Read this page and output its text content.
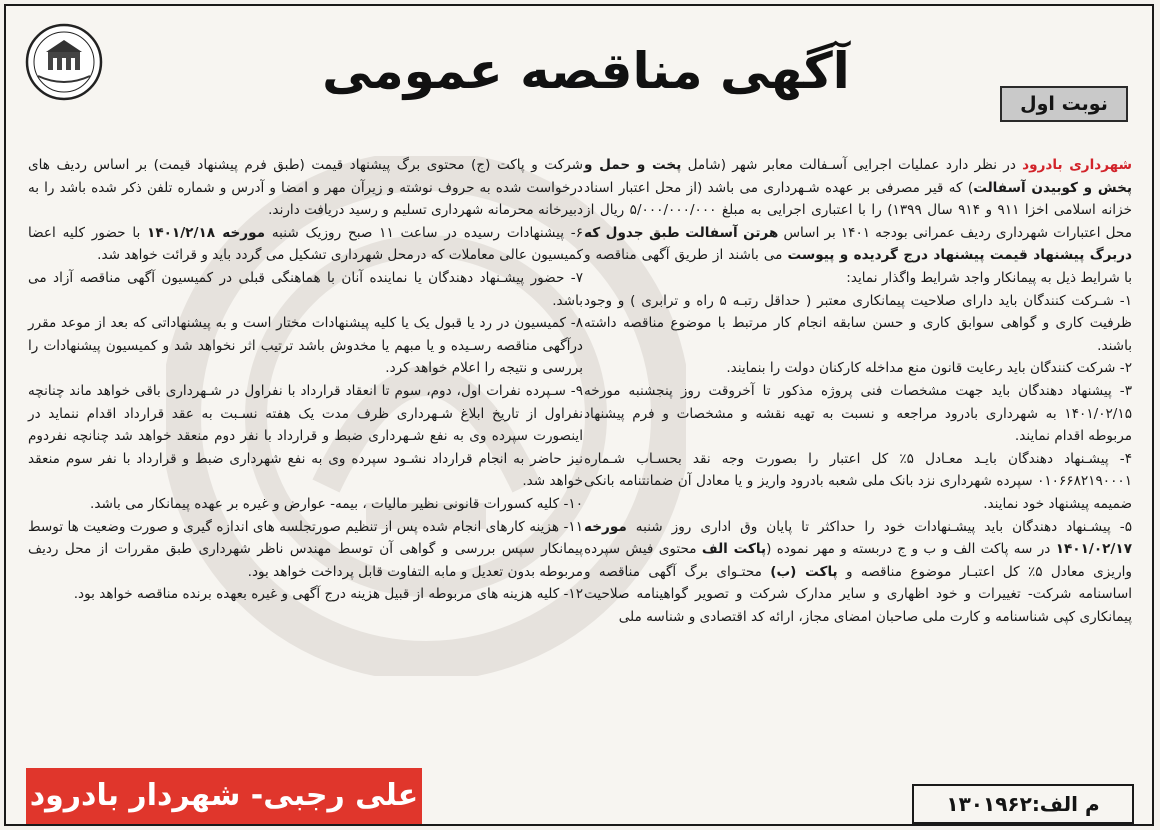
آگهی مناقصه عمومی
نوبت اول

شهرداری بادرود در نظر دارد عملیات اجرایی آسـفالت معابر شهر (شامل پخت و حمل و پخش و کوبیدن آسفالت) که قیر مصرفی بر عهده شـهرداری می باشد (از محل اعتبار اسناد خزانه اسلامی اخزا ۹۱۱ و ۹۱۴ سال ۱۳۹۹) را با اعتباری اجرایی به مبلغ ۵/۰۰۰/۰۰۰/۰۰۰ ریال از محل اعتبارات شهرداری ردیف عمرانی بودجه ۱۴۰۱ بر اساس هرتن آسفالت طبق جدول که دربرگ پیشنهاد قیمت پیشنهاد درج گردیده و پیوست می باشند از طریق آگهی مناقصه و با شرایط ذیل به پیمانکار واجد شرایط واگذار نماید:

۱- شـرکت کنندگان باید دارای صلاحیت پیمانکاری معتبر ( حداقل رتبـه ۵ راه و ترابری ) و وجود ظرفیت کاری و گواهی سوابق کاری و حسن سابقه انجام کار مرتبط با موضوع مناقصه داشته باشند.

۲- شرکت کنندگان باید رعایت قانون منع مداخله کارکنان دولت را بنمایند.

۳- پیشنهاد دهندگان باید جهت مشخصات فنی پروژه مذکور تا آخروقت روز پنجشنبه مورخه ۱۴۰۱/۰۲/۱۵ به شهرداری بادرود مراجعه و نسبت به تهیه نقشه و مشخصات و فرم پیشنهاد مربوطه اقدام نمایند.

۴- پیشـنهاد دهندگان بایـد معـادل ۵٪ کل اعتبار را بصورت وجه نقد بحسـاب شـماره ۰۱۰۶۶۸۲۱۹۰۰۰۱ سپرده شهرداری نزد بانک ملی شعبه بادرود واریز و یا معادل آن ضمانتنامه بانکی ضمیمه پیشنهاد خود نمایند.

۵- پیشـنهاد دهندگان باید پیشـنهادات خود را حداکثر تا پایان وق اداری روز شنبه مورخه ۱۴۰۱/۰۲/۱۷ در سه پاکت الف و ب و ج دربسته و مهر نموده (پاکت الف محتوی فیش سپرده واریزی معادل ۵٪ کل اعتبـار موضوع مناقصه و پاکت (ب) محتـوای برگ آگهی مناقصه و اساسنامه شرکت- تغییرات و خود اظهاری و سایر مدارک شرکت و تصویر گواهینامه صلاحیت پیمانکاری کپی شناسنامه و کارت ملی صاحبان امضای مجاز، ارائه کد اقتصادی و شناسه ملی

شرکت و پاکت (ج) محتوی برگ پیشنهاد قیمت (طبق فرم پیشنهاد قیمت) بر اساس ردیف های درخواست شده به حروف نوشته و زیرآن مهر و امضا و آدرس و شماره تلفن ذکر شده باشد را به دبیرخانه محرمانه شهرداری تسلیم و رسید دریافت دارند.

۶- پیشنهادات رسیده در ساعت ۱۱ صبح روزیک شنبه مورخه ۱۴۰۱/۲/۱۸ با حضور کلیه اعضا کمیسیون عالی معاملات که درمحل شهرداری تشکیل می گردد باید و قرائت خواهد شد.

۷- حضور پیشـنهاد دهندگان یا نماینده آنان با هماهنگی قبلی در کمیسیون آگهی مناقصه آزاد می باشد.

۸- کمیسیون در رد یا قبول یک یا کلیه پیشنهادات مختار است و به پیشنهاداتی که بعد از موعد مقرر درآگهی مناقصه رسـیده و یا مبهم یا مخدوش باشد ترتیب اثر نخواهد شد و کمیسیون پیشنهادات را بررسی و نتیجه را اعلام خواهد کرد.

۹- سـپرده نفرات اول، دوم، سوم تا انعقاد قرارداد با نفراول در شـهرداری باقی خواهد ماند چنانچه نفراول از تاریخ ابلاغ شـهرداری ظرف مدت یک هفته نسـبت به عقد قرارداد اقدام ننماید در اینصورت سپرده وی به نفع شـهرداری ضبط و قرارداد با نفر دوم منعقد خواهد شد چنانچه نفردوم نیز حاضر به انجام قرارداد نشـود سپرده وی به نفع شهرداری ضبط و قرارداد با نفر سوم منعقد خواهد شد.

۱۰- کلیه کسورات قانونی نظیر مالیات ، بیمه- عوارض و غیره بر عهده پیمانکار می باشد.

۱۱- هزینه کارهای انجام شده پس از تنظیم صورتجلسه های اندازه گیری و صورت وضعیت ها توسط پیمانکار سپس بررسی و گواهی آن توسط مهندس ناظر شهرداری طبق مقررات از محل ردیف مربوطه بدون تعدیل و مابه التفاوت قابل پرداخت خواهد بود.

۱۲- کلیه هزینه های مربوطه از قبیل هزینه درج آگهی و غیره بعهده برنده مناقصه خواهد بود.

علی رجبی- شهردار بادرود	م الف:۱۳۰۱۹۶۲
